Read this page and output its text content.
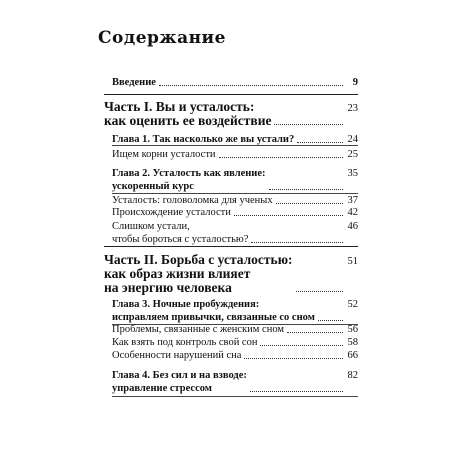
Содержание
Введение	9
Часть I. Вы и усталость:
как оценить ее воздействие
23
Глава 1. Так насколько же вы устали?	24
Ищем корни усталости	25
Глава 2. Усталость как явление:
ускоренный курс
35
Усталость: головоломка для ученых	37
Происхождение усталости	42
Слишком устали,
чтобы бороться с усталостью?
46
Часть II. Борьба с усталостью:
как образ жизни влияет
на энергию человека
51
Глава 3. Ночные пробуждения:
исправляем привычки, связанные со сном
52
Проблемы, связанные с женским сном	56
Как взять под контроль свой сон	58
Особенности нарушений сна	66
Глава 4. Без сил и на взводе:
управление стрессом
82
